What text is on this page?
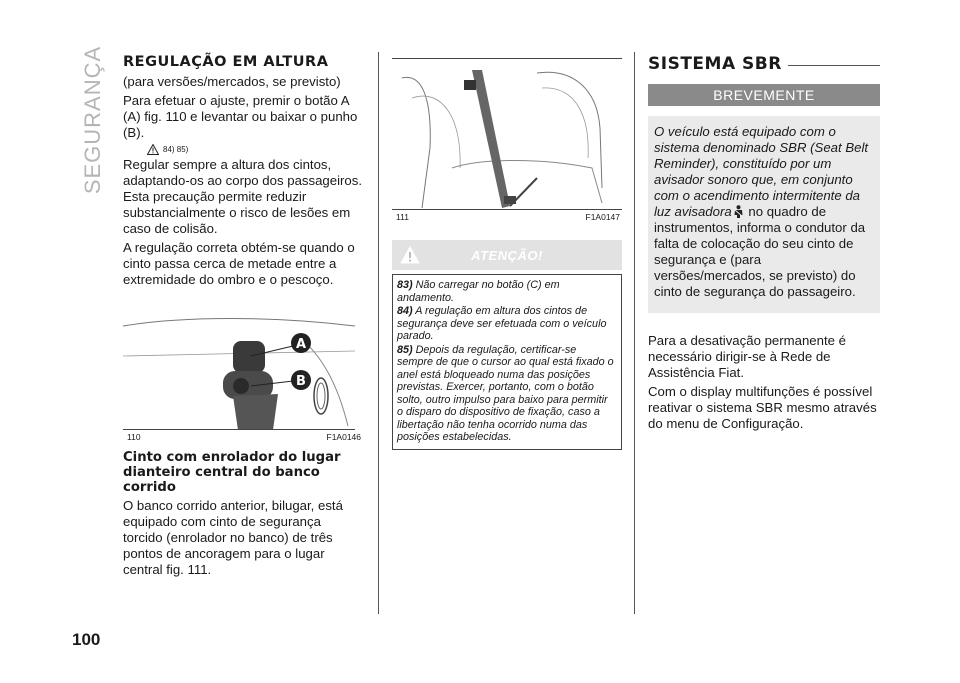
SEGURANÇA
100
REGULAÇÃO EM ALTURA

(para versões/mercados, se previsto)

Para efetuar o ajuste, premir o botão A (A) fig. 110 e levantar ou baixar o punho (B).

84) 85)

Regular sempre a altura dos cintos, adaptando-os ao corpo dos passageiros. Esta precaução permite reduzir substancialmente o risco de lesões em caso de colisão.

A regulação correta obtém-se quando o cinto passa cerca de metade entre a extremidade do ombro e o pescoço.

A
B
110	F1A0146
Cinto com enrolador do lugar dianteiro central do banco corrido

O banco corrido anterior, bilugar, está equipado com cinto de segurança torcido (enrolador no banco) de três pontos de ancoragem para o lugar central fig. 111.

111	F1A0147
ATENÇÃO!

83) Não carregar no botão (C) em andamento.

84) A regulação em altura dos cintos de segurança deve ser efetuada com o veículo parado.

85) Depois da regulação, certificar-se sempre de que o cursor ao qual está fixado o anel está bloqueado numa das posições previstas. Exercer, portanto, com o botão solto, outro impulso para baixo para permitir o disparo do dispositivo de fixação, caso a libertação não tenha ocorrido numa das posições estabelecidas.

SISTEMA SBR
BREVEMENTE

O veículo está equipado com o sistema denominado SBR (Seat Belt Reminder), constituído por um avisador sonoro que, em conjunto com o acendimento intermitente da luz avisadora no quadro de instrumentos, informa o condutor da falta de colocação do seu cinto de segurança e (para versões/mercados, se previsto) do cinto de segurança do passageiro.

Para a desativação permanente é necessário dirigir-se à Rede de Assistência Fiat.

Com o display multifunções é possível reativar o sistema SBR mesmo através do menu de Configuração.
